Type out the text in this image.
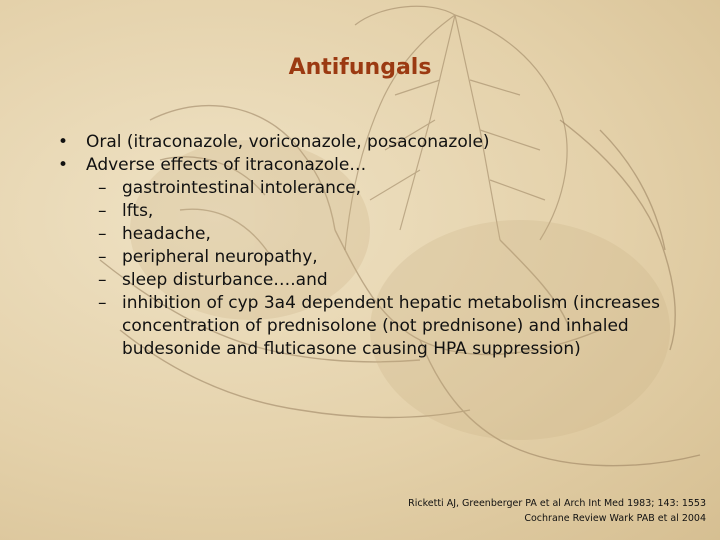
Antifungals
• Oral (itraconazole, voriconazole, posaconazole)
• Adverse effects of itraconazole…
– gastrointestinal intolerance,
– lfts,
– headache,
– peripheral neuropathy,
– sleep disturbance….and
– inhibition of cyp 3a4 dependent hepatic metabolism (increases concentration of prednisolone (not prednisone) and inhaled budesonide and fluticasone causing HPA suppression)
Ricketti AJ, Greenberger PA et al Arch Int Med 1983; 143: 1553
Cochrane Review Wark PAB et al 2004
